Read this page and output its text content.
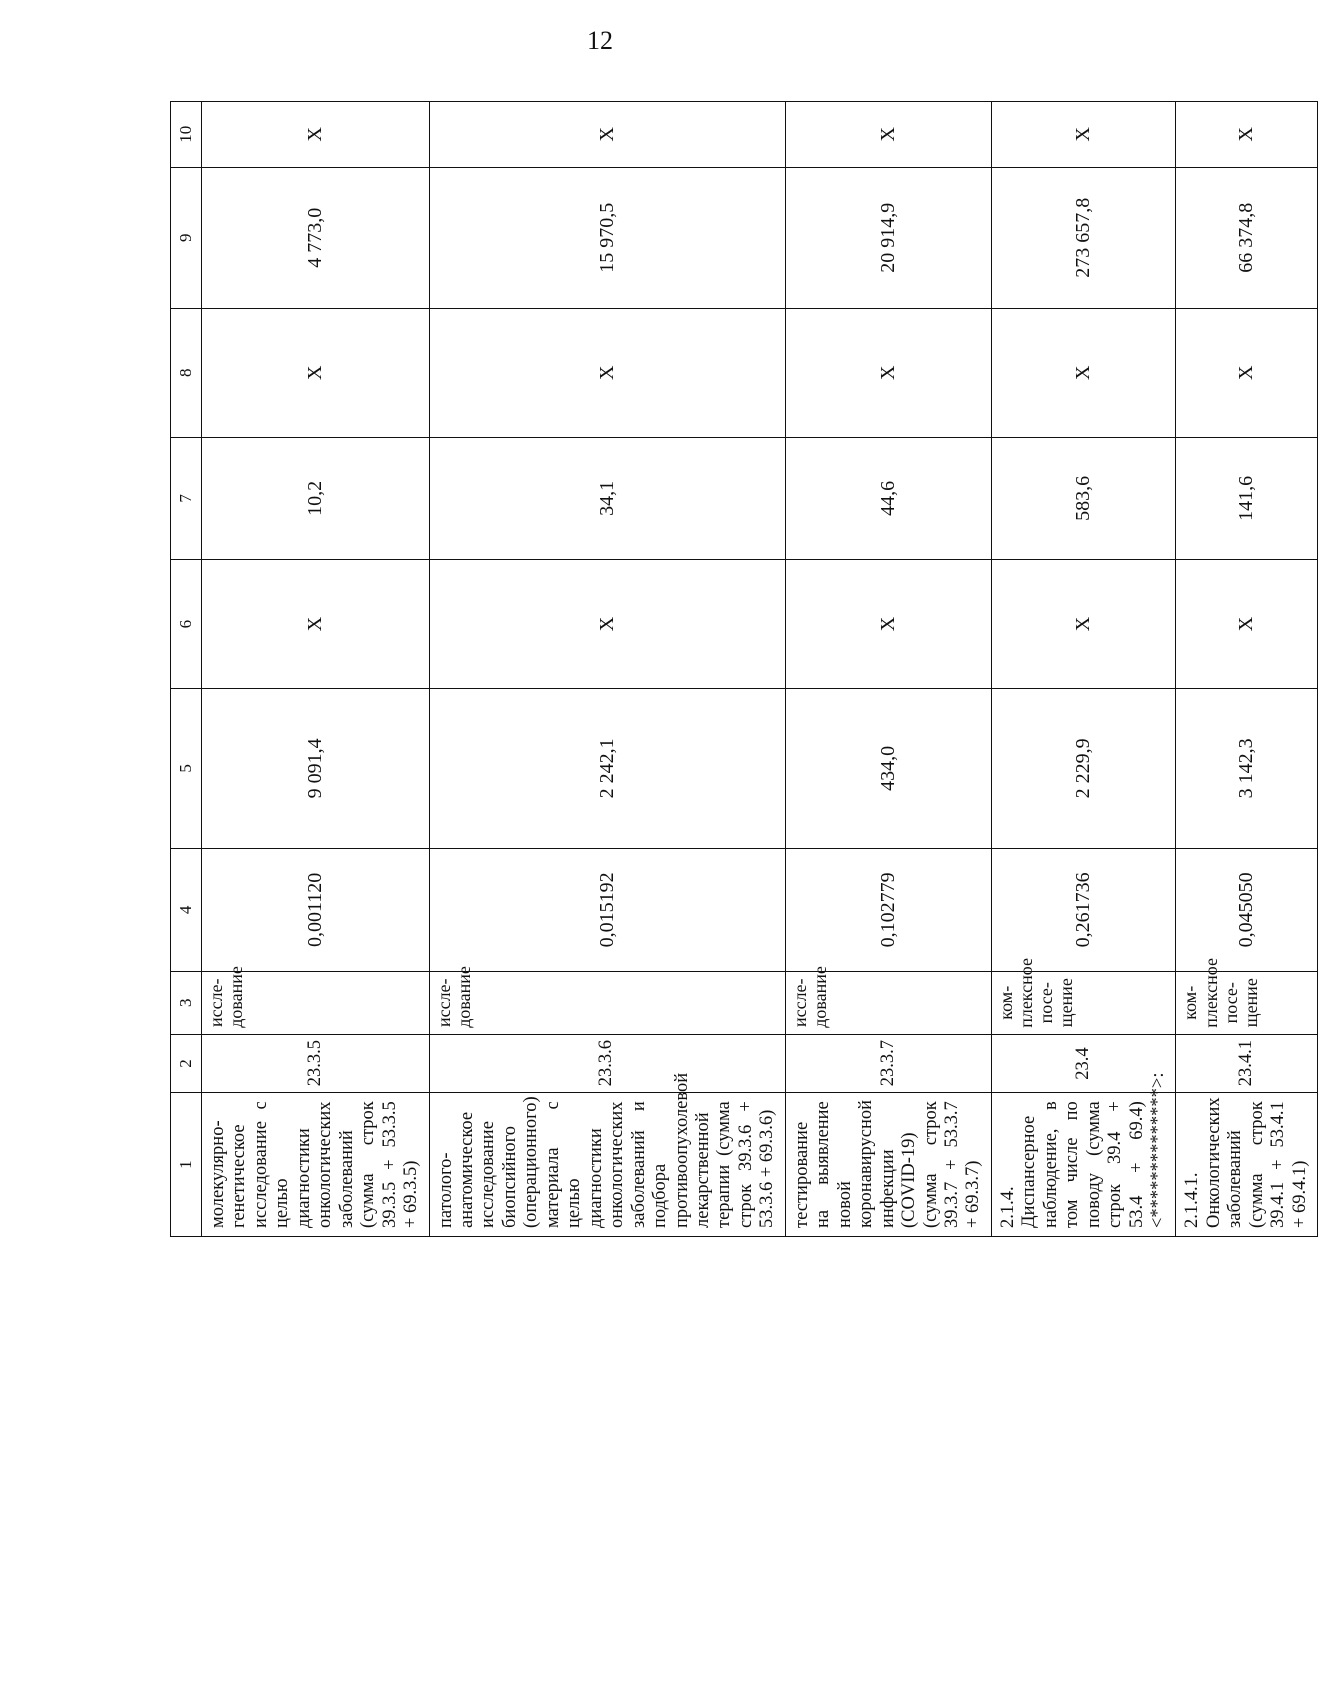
12
1	2	3	4	5	6	7	8	9	10
молекулярно-генетическое исследование с целью диагностики онкологических заболеваний (сумма строк 39.3.5 + 53.3.5 + 69.3.5)	23.3.5	иссле-дование	0,001120	9 091,4	X	10,2	X	4 773,0	X
патолого-анатомическое исследование биопсийного (операционного) материала с целью диагностики онкологических заболеваний и подбора противоопухолевой лекарственной терапии (сумма строк 39.3.6 + 53.3.6 + 69.3.6)	23.3.6	иссле-дование	0,015192	2 242,1	X	34,1	X	15 970,5	X
тестирование на выявление новой коронавирусной инфекции (COVID-19) (сумма строк 39.3.7 + 53.3.7 + 69.3.7)	23.3.7	иссле-дование	0,102779	434,0	X	44,6	X	20 914,9	X
2.1.4. Диспансерное наблюдение, в том числе по поводу (сумма строк 39.4 + 53.4 + 69.4) <**************>:	23.4	ком-плексное посе-щение	0,261736	2 229,9	X	583,6	X	273 657,8	X
2.1.4.1. Онкологических заболеваний (сумма строк 39.4.1 + 53.4.1 + 69.4.1)	23.4.1	ком-плексное посе-щение	0,045050	3 142,3	X	141,6	X	66 374,8	X
